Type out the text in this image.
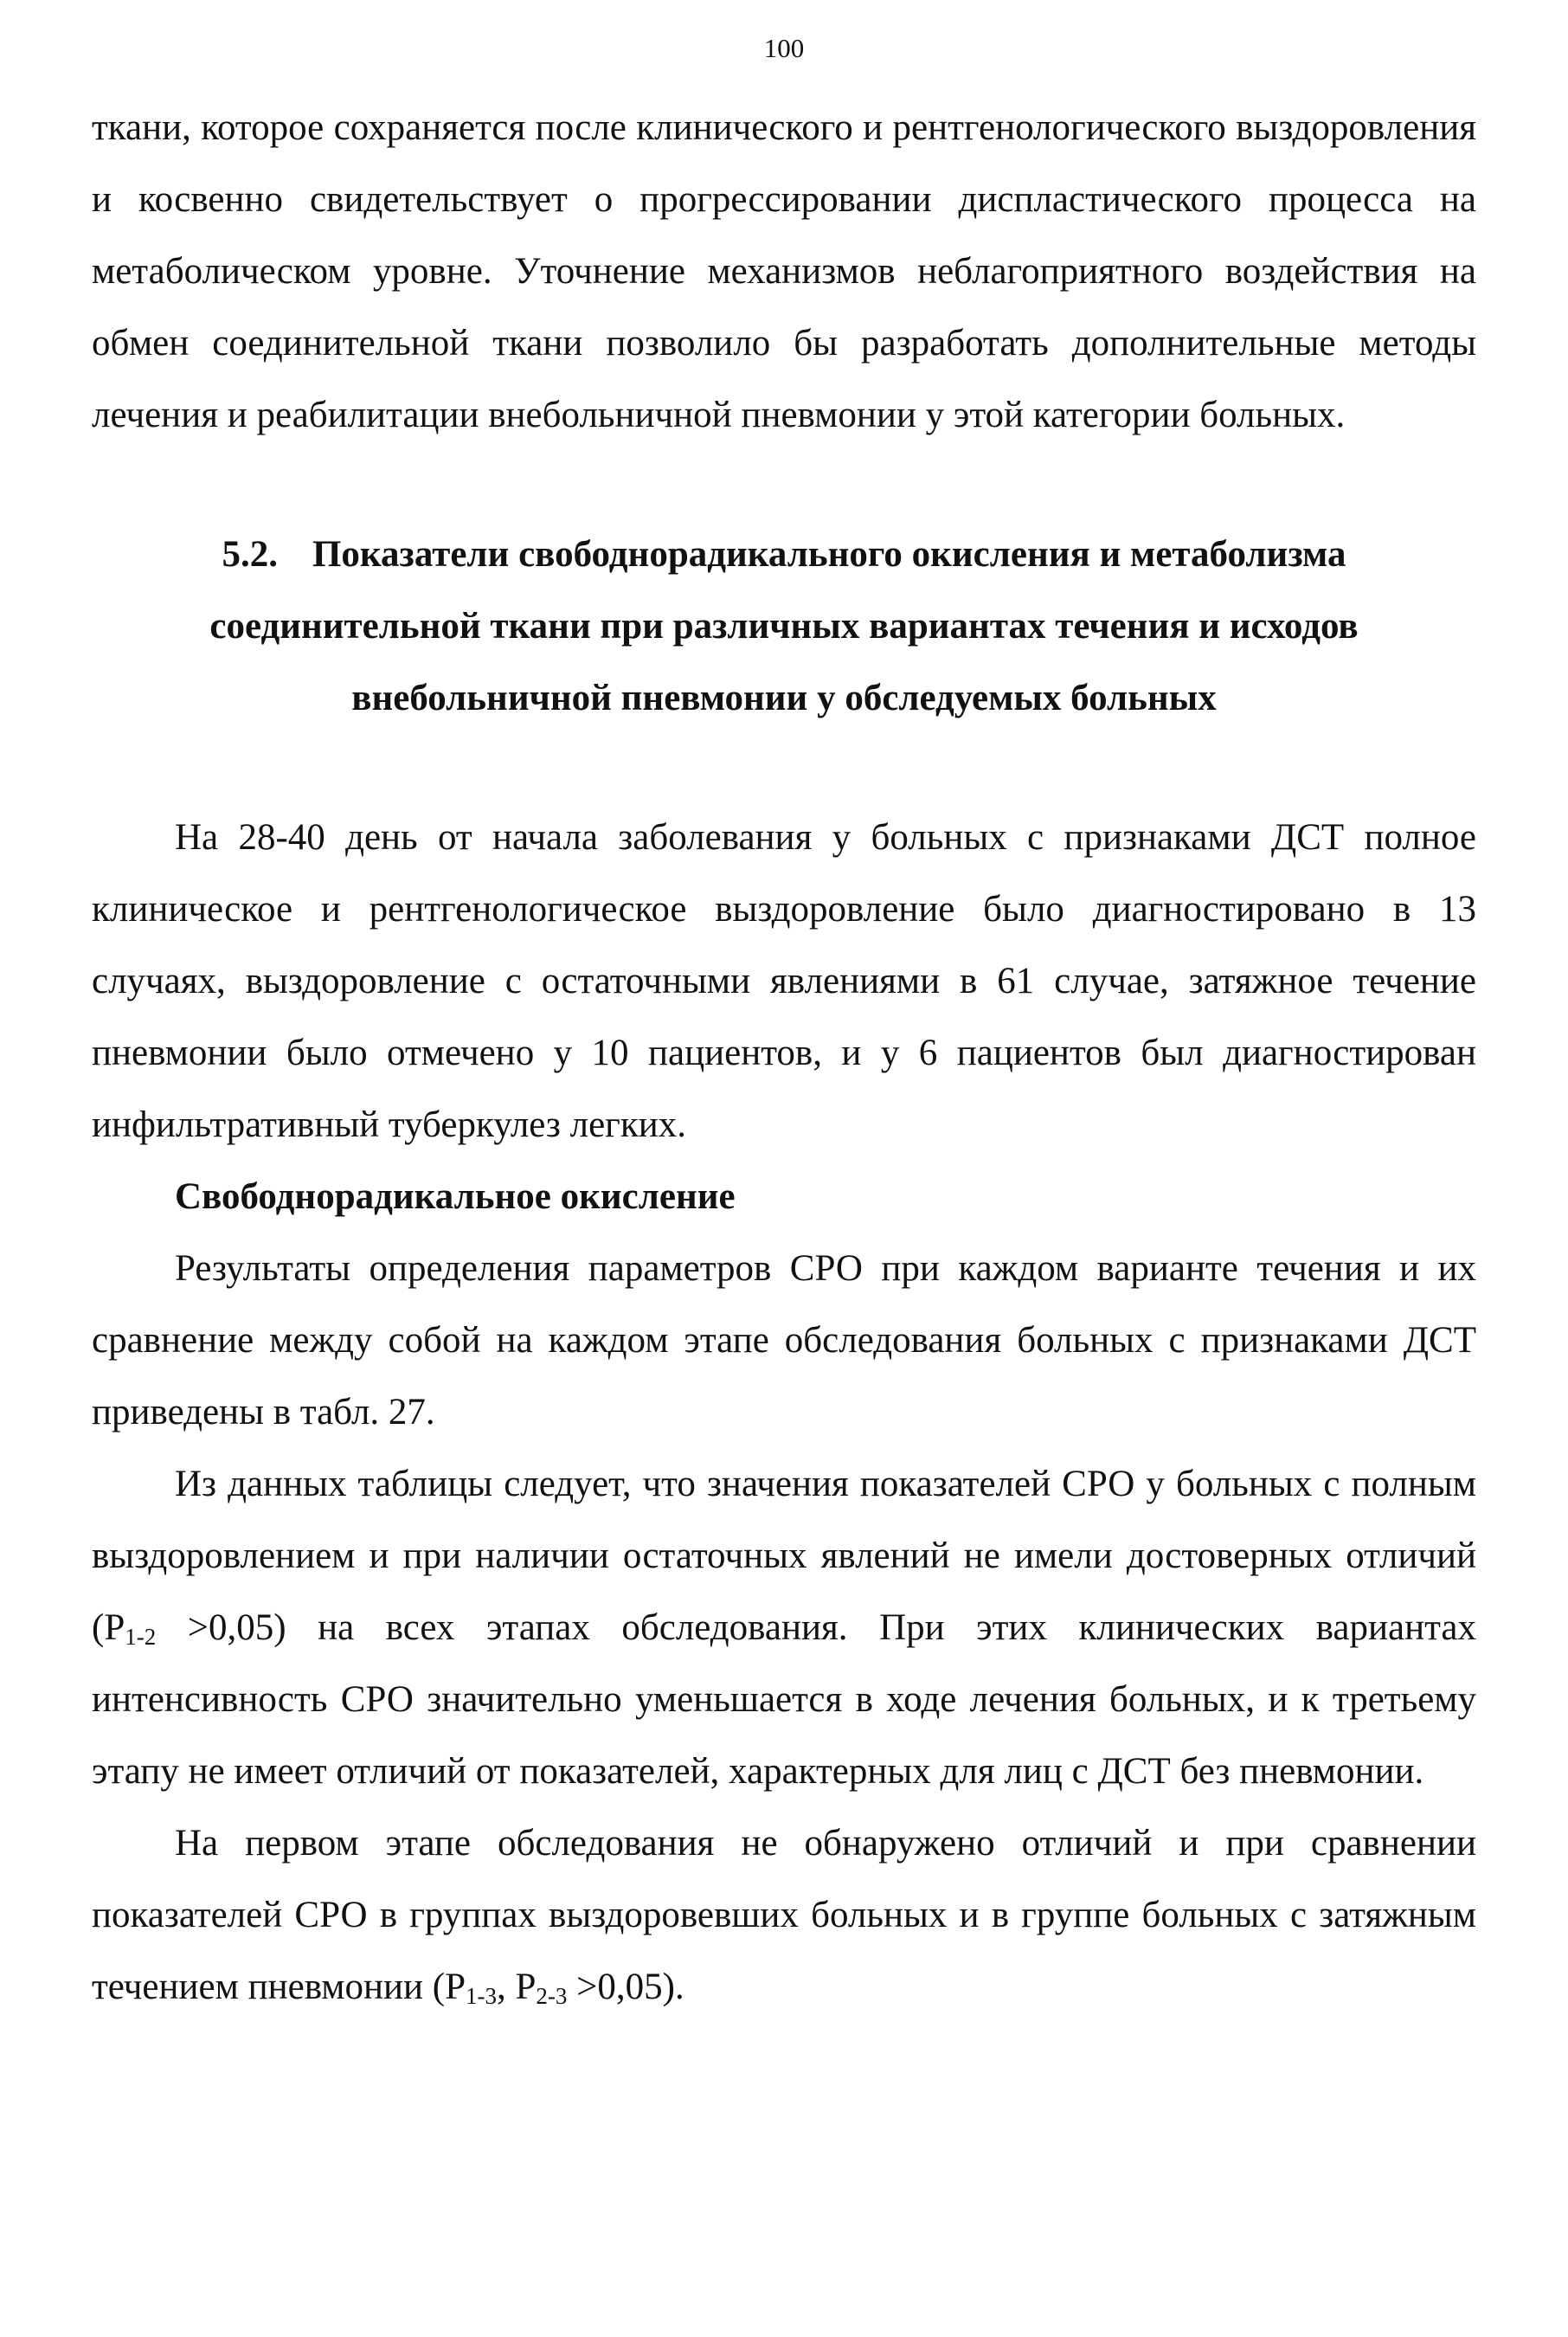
100

ткани, которое сохраняется после клинического и рентгенологического выздоровления и косвенно свидетельствует о прогрессировании диспластического процесса на метаболическом уровне. Уточнение механизмов неблагоприятного воздействия на обмен соединительной ткани позволило бы разработать дополнительные методы лечения и реабилитации внебольничной пневмонии у этой категории больных.

5.2. Показатели свободнорадикального окисления и метаболизма соединительной ткани при различных вариантах течения и исходов внебольничной пневмонии у обследуемых больных

На 28-40 день от начала заболевания у больных с признаками ДСТ полное клиническое и рентгенологическое выздоровление было диагностировано в 13 случаях, выздоровление с остаточными явлениями в 61 случае, затяжное течение пневмонии было отмечено у 10 пациентов, и у 6 пациентов был диагностирован инфильтративный туберкулез легких.

Свободнорадикальное окисление

Результаты определения параметров СРО при каждом варианте течения и их сравнение между собой на каждом этапе обследования больных с признаками ДСТ приведены в табл. 27.

Из данных таблицы следует, что значения показателей СРО у больных с полным выздоровлением и при наличии остаточных явлений не имели достоверных отличий $(P_{1-2} >0,05)$ на всех этапах обследования. При этих клинических вариантах интенсивность СРО значительно уменьшается в ходе лечения больных, и к третьему этапу не имеет отличий от показателей, характерных для лиц с ДСТ без пневмонии.

На первом этапе обследования не обнаружено отличий и при сравнении показателей СРО в группах выздоровевших больных и в группе больных с затяжным течением пневмонии ($P_{1-3}$, $P_{2-3} >0,05$).
